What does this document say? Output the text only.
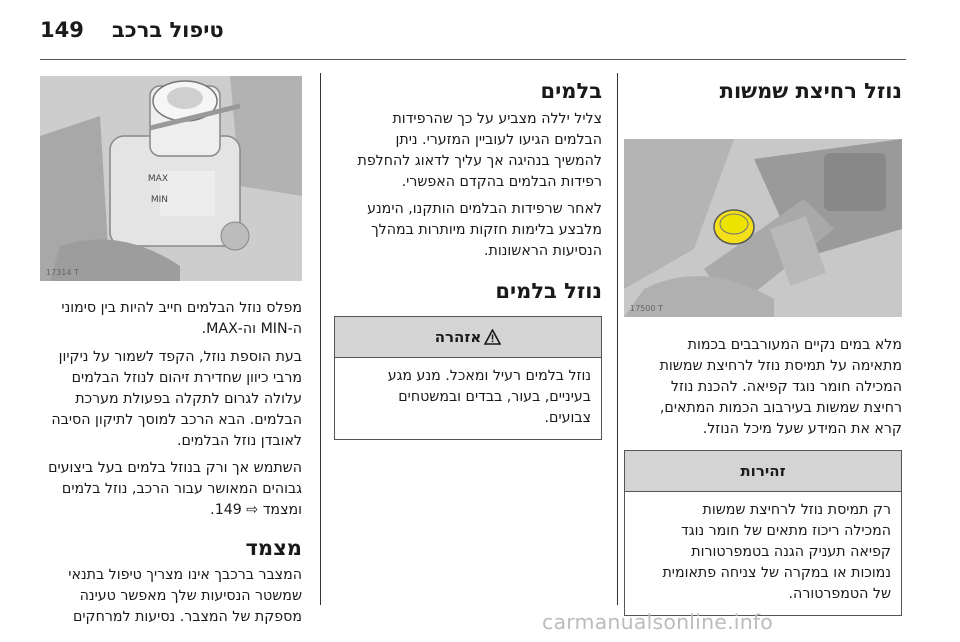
149 טיפול ברכב
נוזל רחיצת שמשות
17500 T

מלא במים נקיים המעורבבים בכמות

מתאימה על תמיסת נוזל לרחיצת שמשות

המכילה חומר נוגד קפיאה. להכנת נוזל

רחיצת שמשות בעירבוב הכמות המתאים,

קרא את המידע שעל מיכל הנוזל.

זהירות

רק תמיסת נוזל לרחיצת שמשות

המכילה ריכוז מתאים של חומר נוגד

קפיאה תעניק הגנה בטמפרטורות

נמוכות או במקרה של צניחה פתאומית

של הטמפרטורה.

בלמים

צליל יללה מצביע על כך שהרפידות

הבלמים הגיעו לעוביין המזערי. ניתן

להמשיך בנהיגה אך עליך לדאוג להחלפת

רפידות הבלמים בהקדם האפשרי.

לאחר שרפידות הבלמים הותקנו, הימנע

מלבצע בלימות חזקות מיותרות במהלך

הנסיעות הראשונות.

נוזל בלמים
אזהרה

נוזל בלמים רעיל ומאכל. מנע מגע

בעיניים, בעור, בבדים ובמשטחים

צבועים.

MAX
MIN
17314 T

מפלס נוזל הבלמים חייב להיות בין סימוני

ה-MIN וה-MAX.

בעת הוספת נוזל, הקפד לשמור על ניקיון

מרבי כיוון שחדירת זיהום לנוזל הבלמים

עלולה לגרום לתקלה בפעולת מערכת

הבלמים. הבא הרכב למוסך לתיקון הסיבה

לאובדן נוזל הבלמים.

השתמש אך ורק בנוזל בלמים בעל ביצועים

גבוהים המאושר עבור הרכב, נוזל בלמים

ומצמד ⇨ 149.

מצמד

המצבר ברכבך אינו מצריך טיפול בתנאי

שמשטר הנסיעות שלך מאפשר טעינה

מספקת של המצבר. נסיעות למרחקים	carmanualsonline.info
